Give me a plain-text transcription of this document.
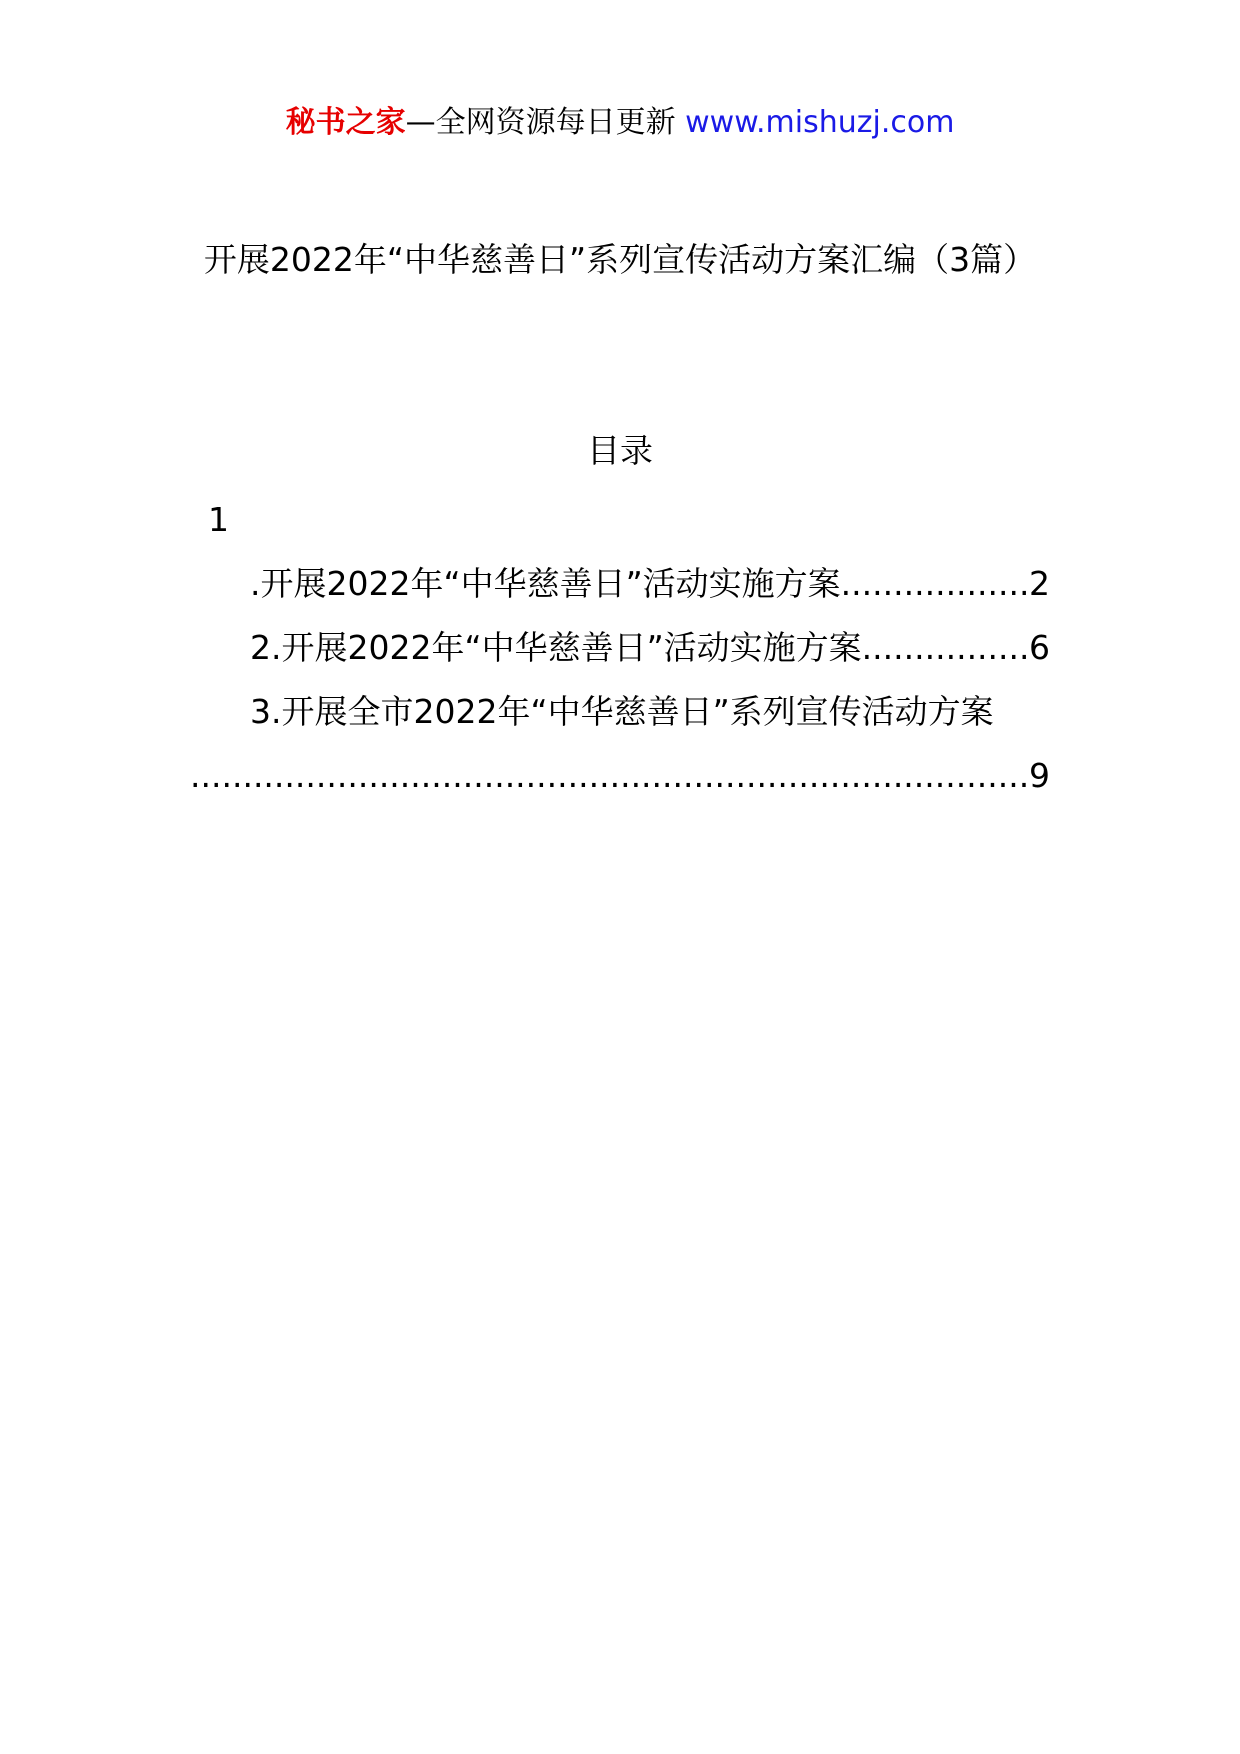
秘书之家—全网资源每日更新 www.mishuzj.com
开展2022年“中华慈善日”系列宣传活动方案汇编（3篇）
目录
1
.开展2022年“中华慈善日”活动实施方案 .....	2
2.开展2022年“中华慈善日”活动实施方案 .....	6
3.开展全市2022年“中华慈善日”系列宣传活动方案
.....
9
